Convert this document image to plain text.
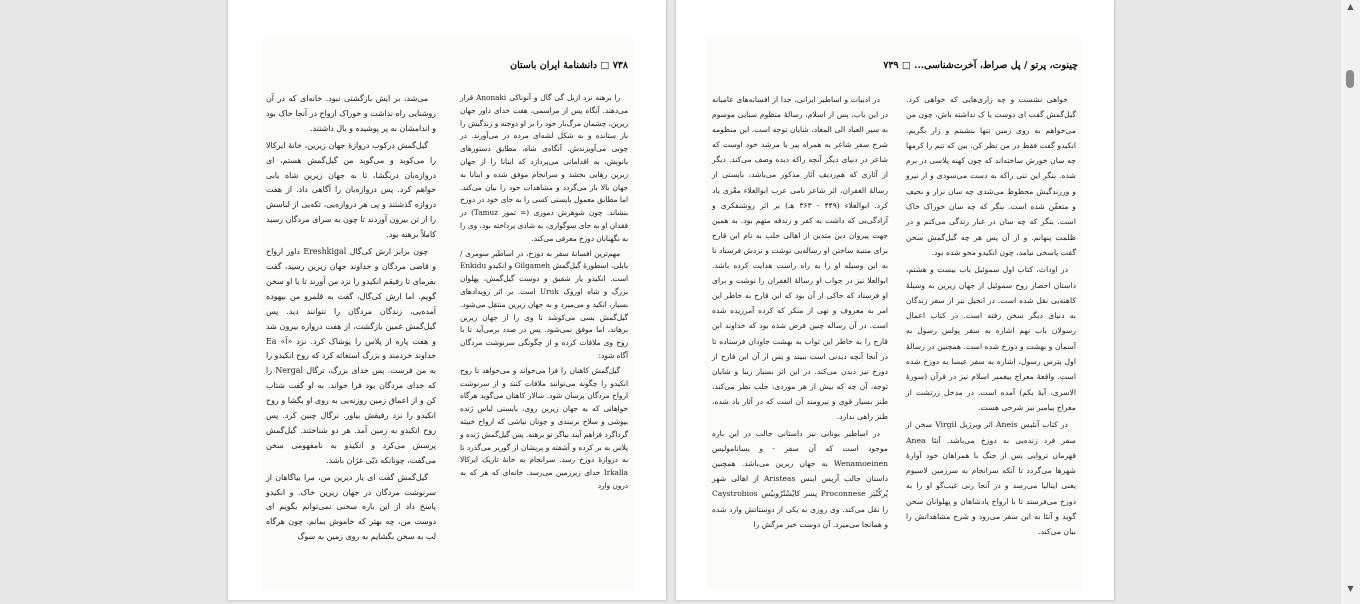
۷۳۸ □ دانشنامهٔ ایران باستان

را برهنه نزد ازیل گی گال و آنوناکی Anonaki قرار می‌دهند. آنگاه پس از مراسمی، هفت خدای داور جهان زیرین، چشمان مرگ‌بار خود را بر او دوخته و زندگیش را باز ستانده و به شکل لشه‌ای مرده در می‌آورند. در چوبی می‌آویزندش. آنگاه‌ی شاه، مطابق دستورهای بانویش، به اقداماتی می‌پردازد که اینانا را از جهان زیرین رهایی بخشد و سرانجام موفق شده و اینانا به جهان بالا باز می‌گردد و مشاهدات خود را بیان می‌کند. اما مطابق معمول بایستی کسی را به جای خود در دوزخ بنشاند. چون شوهرش دموزی (= تموز Tamuz) در فقدان او به جای سوگواری، به شادی پرداخته بود، وی را به نگهبانان دوزخ معرفی می‌کند.

مهم‌ترین افسانهٔ سفر به دوزخ، در اساطیر سومری / بابلی، اسطورهٔ گیل‌گمش Gilgameh و انکیدو Enkidu است. انکیدو یار شفیق و دوست گیل‌گمش، پهلوان بزرگ و شاه اوروک Uruk است. بر اثر رویدادهای بسیار، انکید و می‌میرد و به جهان زیرین منتقل می‌شود. گیل‌گمش بسی می‌کوشد تا وی را از جهان زیرین برهاند، اما موفق نمی‌شود. پس در صدد برمی‌آید تا با روح وی ملاقات کرده و از چگونگی سرنوشت مردگان آگاه شود:

گیل‌گمش کاهنان را فرا می‌خواند و می‌خواهد تا روح انکیدو را چگونه می‌توانند ملاقات کنند و از سرنوشت ارواح مردگان پرسان شود. سالار کاهنان می‌گوید هرگاه خواهانی که به جهان زیرین روی، بایستی لباس ژنده بپوشی و سلاح برنبندی و چونان نیاشی که ارواح خبیثه گرداگرد فراهم آیند بیاگز تو برهنه. پس گیل‌گمش ژنده و پلاس به بر کرده و آشفته و پریشان از گوربر می‌گذرد تا به دروازهٔ دوزخ رسد. سرانجام به خانهٔ تاریک ایرکالا Irkalla خدای زیرزمین می‌رسد. خانه‌ای که هر که به درون وارد

می‌شد، بر ایش بازگشتی نبود. خانه‌ای که در آن روشنایی راه نداشت و خوراک ارواح در آنجا خاک بود و اندامشان به پر پوشیده و بال داشتند.

گیل‌گمش درکوب دروازهٔ جهان زیرین، خانهٔ ایرکالا را می‌کوبد و می‌گوید من گیل‌گمش هستم، ای دروازه‌بان دربگشا، تا به جهان زیرین شاه یابی خواهم کرد. پس دروازه‌بان را آگاهی داد. از هفت دروازه گذشتند و پی هر دروازه‌یی، تکه‌یی از لباسش را از تن بیرون آوردند تا چون به سرای مردگان رسید کاملاً برهنه بود.

چون برابر ارش کی‌گال Ereshkigal داور ارواح و قاضی مردگان و خداوند جهان زیرین رسید، گفت بفرمای تا رفیقم انکیدو را نزد من آورند تا با او سخن گویم. اما ارش کی‌گال، گفت به قلمرو من بیهوده آمده‌یی، زندگان مردگان را نتوانند دید. پس گیل‌گمش غمین بازگشت، از هفت دروازه بیرون شد و هفت پاره از پلاس را پوشاک کرد. نزد «آ» Ea خداوند خردمند و بزرگ استغاثه کرد که روح انکیدو را به من فرست. پس خدای بزرگ، نرگال Nergal را که خدای مردگان بود فرا خواند. به او گفت شتاب کن و از اعماق زمین روزنه‌یی به روی او بگشا و روح انکیدو را نزد رفیقش بیاور. نرگال چنین کرد. پس روح انکیدو به زمین آمد. هر دو شناختند. گیل‌گمش پرسش می‌کرد و انکیدو به نامفهومی سخن می‌گفت، چونانکه ذیّی غژان باشد.

گیل‌گمش گفت ای یار دیرین من، مرا بیاگاهان از سرنوشت مردگان در جهان زیرین خاک. و انکیدو پاسخ داد از این باره سخنی نمی‌توانم بگویم ای دوست من، چه بهتر که خاموش بمانم. چون هرگاه لب به سخن بگشایم به روی زمین به سوگ

چینوت، پرتو / پل صراط، آخرت‌شناسی... □ ۷۳۹

خواهی نشست و چه زاری‌هایی که خواهی کرد. گیل‌گمش گفت ای دوست یا ک نداشته باش، چون من می‌خواهم به روی زمین تنها بنشینم و زار بگریم. انکیدو گفت فقط در من نظر کن، بین که تنم را کرمها چه سان خورش ساخته‌اند که چون کهنه پلاسی در برم شده. بنگر این تنی راکه به دست می‌سودی و از نیرو و ورزندگیش محظوظ می‌شدی چه سان نزار و نحیف و متعفّن شده است. بنگر که چه سان خوراک خاک است. بنگر که چه سان در غبار زندگی می‌کنم و در ظلمت پنهانم. و از آن پس هر چه گیل‌گمش سخن گفت پاسخی نیامد، چون انکیدو محو شده بود.

در اوداث، کتاب اول سموئیل باب بیست و هشتم، داستان احضار روح سموئیل از جهان زیرین به وسیلهٔ کاهنه‌یی نقل شده است. در انجیل نیز از سفر زندگان به دنیای دیگر سخن رفته است. در کتاب اعمال رسولان باب نهم اشاره به سفر پولس رسول به آسمان و بهشت و دوزخ شده است. همچنین در رسالهٔ اول پترس رسول، اشاره به سفر عیسا به دوزخ شده است. واقعهٔ معراج پیغمبر اسلام نیز در قرآن (سورهٔ الاسری، آیهٔ یکم) آمده است. در مدخل زرتشت از معراج پیامبر نیز شرحی هست.

در کتاب آنئیس Aneis اثر ویرژیل Virgil سخن از سفر فرد زنده‌یی به دوزخ می‌باشد. آنئا Anea قهرمان تروایی پس از جنگ با همراهان خود آوارهٔ شهرها می‌گردد تا آنکه سرانجام به سرزمین لاسیوم یعنی ایتالیا می‌رسد و در آنجا زنی غیب‌گو او را به دوزخ می‌فرستد تا با ارواح پادشاهان و پهلوانان سخن گوید و آنئا به این سفر می‌رود و شرح مشاهداتش را بیان می‌کند.

در ادبیات و اساطیر ایرانی، جدا از افسانه‌های عامیانه در این باب، پس از اسلام، رسالهٔ منظوم سنایی موسوم به سیر العباد الی المعاد، شایان توجه است. این منظومه شرح سفر شاعر به همراه پیر یا مرشد خود اوست که شاعر در دنیای دیگر آنچه راکه دیده وصف می‌کند. دیگر از آثاری که هم‌ردیف آثار مذکور می‌باشد، بایستی از رسالهٔ الغفران، اثر شاعر نامی عرب ابوالعلاء معّری یاد کرد. ابوالعلاء (۴۴۹ - ۳۶۳ هـ) بر اثر روشنفکری و آزادگی‌یی که داشت به کفر و زندقه متهم بود. به همین جهت پیروان دین متدین از اهالی حلب به نام ابن قارح برای متنبه ساختن او رساله‌یی نوشت و نزدش فرستاد تا به این وسیله او را به راه راست هدایت کرده باشد. ابوالعلا نیز در جواب او رسالهٔ الغفران را نوشت و برای او فرستاد که حاکی از آن بود که ابن قارح به خاطر این امر به معروف و نهی از منکر که کرده آمرزیده شده است. در آن رساله چنین فرض شده بود که خداوند ابن قارح را به خاطر این ثواب به بهشت جاودان فرستاده تا در آنجا آنچه دیدنی است ببیند و پس از آن ابن قارح از دوزخ نیز دیدن می‌کند. در این اثر بسیار زیبا و شایان توجه، آن چه که بیش از هر موردی، جلب نظر می‌کند، طنز بسیار قوی و نیرومند آن است که در آثار یاد شده، طنز راهی ندارد.

در اساطیر یونانی نیز داستانی جالب در این باره موجود است که آن سفر - و یسانامولیس Wenamoeinen به جهان زیرین می‌باشد. همچنین داستان جالب آرپس اینس Aristeas از اهالی شهر پُرکُنْنِز Proconnese پسر کایْسْتْرُوبیُس Caystrobios را نقل می‌کند. وی روزی به یکی از دوستانش وارد شده و همانجا می‌میرد. آن دوست خبر مرگش را

▲
▼
